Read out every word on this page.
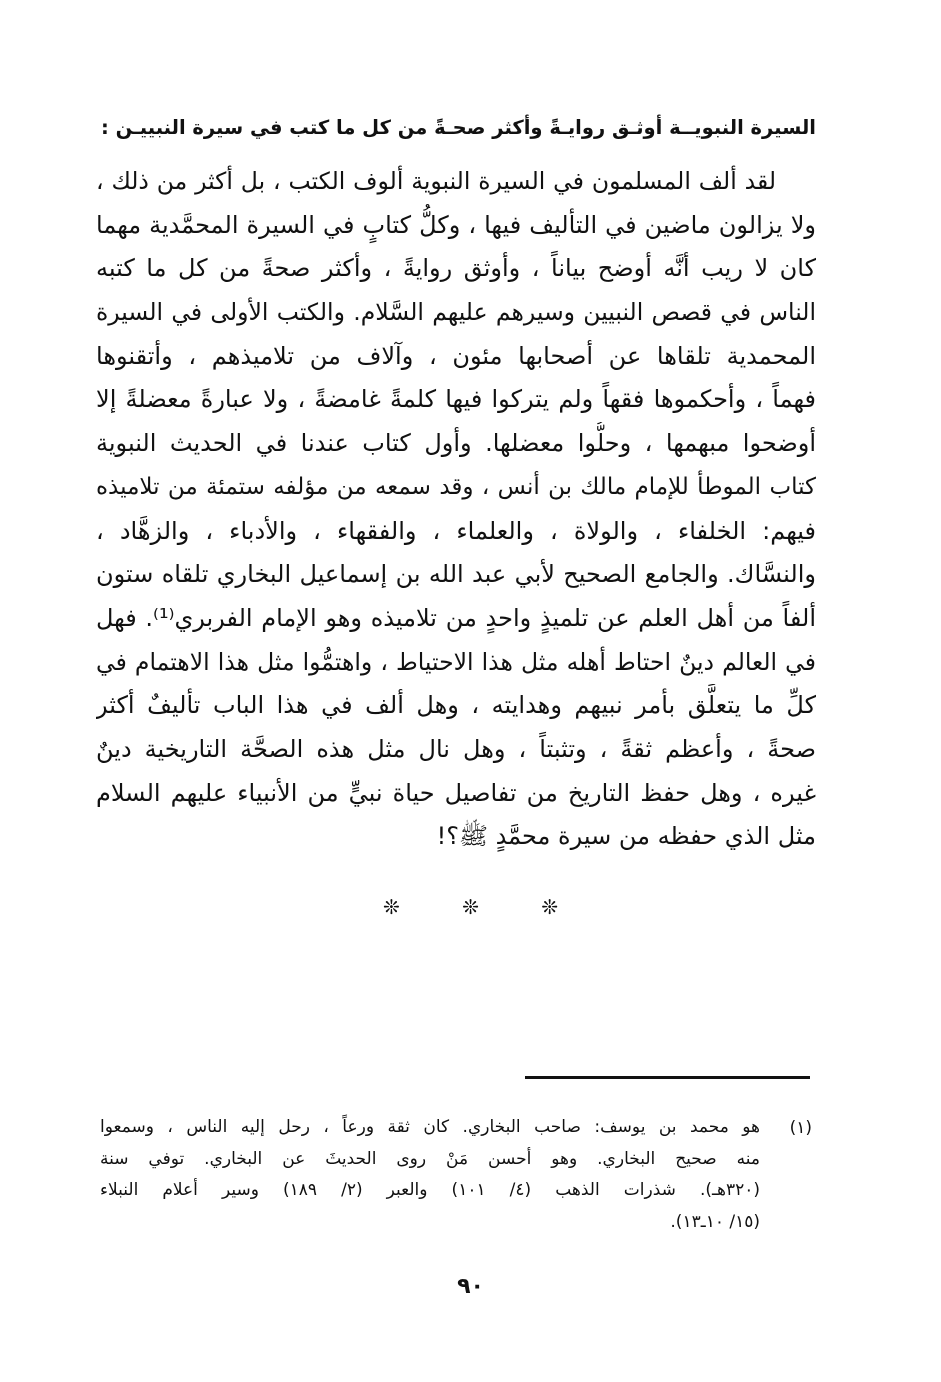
السيرة النبويــة أوثـق روايـةً وأكثر صحـةً من كل ما كتب في سيرة النبييـن :
لقد ألف المسلمون في السيرة النبوية ألوف الكتب ، بل أكثر من ذلك ،
ولا يزالون ماضين في التأليف فيها ، وكلُّ كتابٍ في السيرة المحمَّدية مهما
كان لا ريب أنَّه أوضح بياناً ، وأوثق روايةً ، وأكثر صحةً من كل ما كتبه
الناس في قصص النبيين وسيرهم عليهم السَّلام. والكتب الأولى في السيرة
المحمدية تلقاها عن أصحابها مئون ، وآلاف من تلاميذهم ، وأتقنوها
فهماً ، وأحكموها فقهاً ولم يتركوا فيها كلمةً غامضةً ، ولا عبارةً معضلةً إلا
أوضحوا مبهمها ، وحلُّوا معضلها. وأول كتاب عندنا في الحديث النبوية
كتاب الموطأ للإمام مالك بن أنس ، وقد سمعه من مؤلفه ستمئة من تلاميذه
فيهم: الخلفاء ، والولاة ، والعلماء ، والفقهاء ، والأدباء ، والزهَّاد ،
والنسَّاك. والجامع الصحيح لأبي عبد الله بن إسماعيل البخاري تلقاه ستون
ألفاً من أهل العلم عن تلميذٍ واحدٍ من تلاميذه وهو الإمام الفربري⁽¹⁾. فهل
في العالم دينٌ احتاط أهله مثل هذا الاحتياط ، واهتمُّوا مثل هذا الاهتمام في
كلِّ ما يتعلَّق بأمر نبيهم وهدايته ، وهل ألف في هذا الباب تأليفٌ أكثر
صحةً ، وأعظم ثقةً ، وتثبتاً ، وهل نال مثل هذه الصحَّة التاريخية دينٌ
غيره ، وهل حفظ التاريخ من تفاصيل حياة نبيٍّ من الأنبياء عليهم السلام
مثل الذي حفظه من سيرة محمَّدٍ ﷺ؟!
❊ ❊ ❊
(١)
هو محمد بن يوسف: صاحب البخاري. كان ثقة ورعاً ، رحل إليه الناس ، وسمعوا
منه صحيح البخاري. وهو أحسن مَنْ روى الحديثَ عن البخاري. توفي سنة
(٣٢٠هـ). شذرات الذهب (٤/ ١٠١) والعبر (٢/ ١٨٩) وسير أعلام النبلاء
(١٥/ ١٠ـ١٣).
٩٠
